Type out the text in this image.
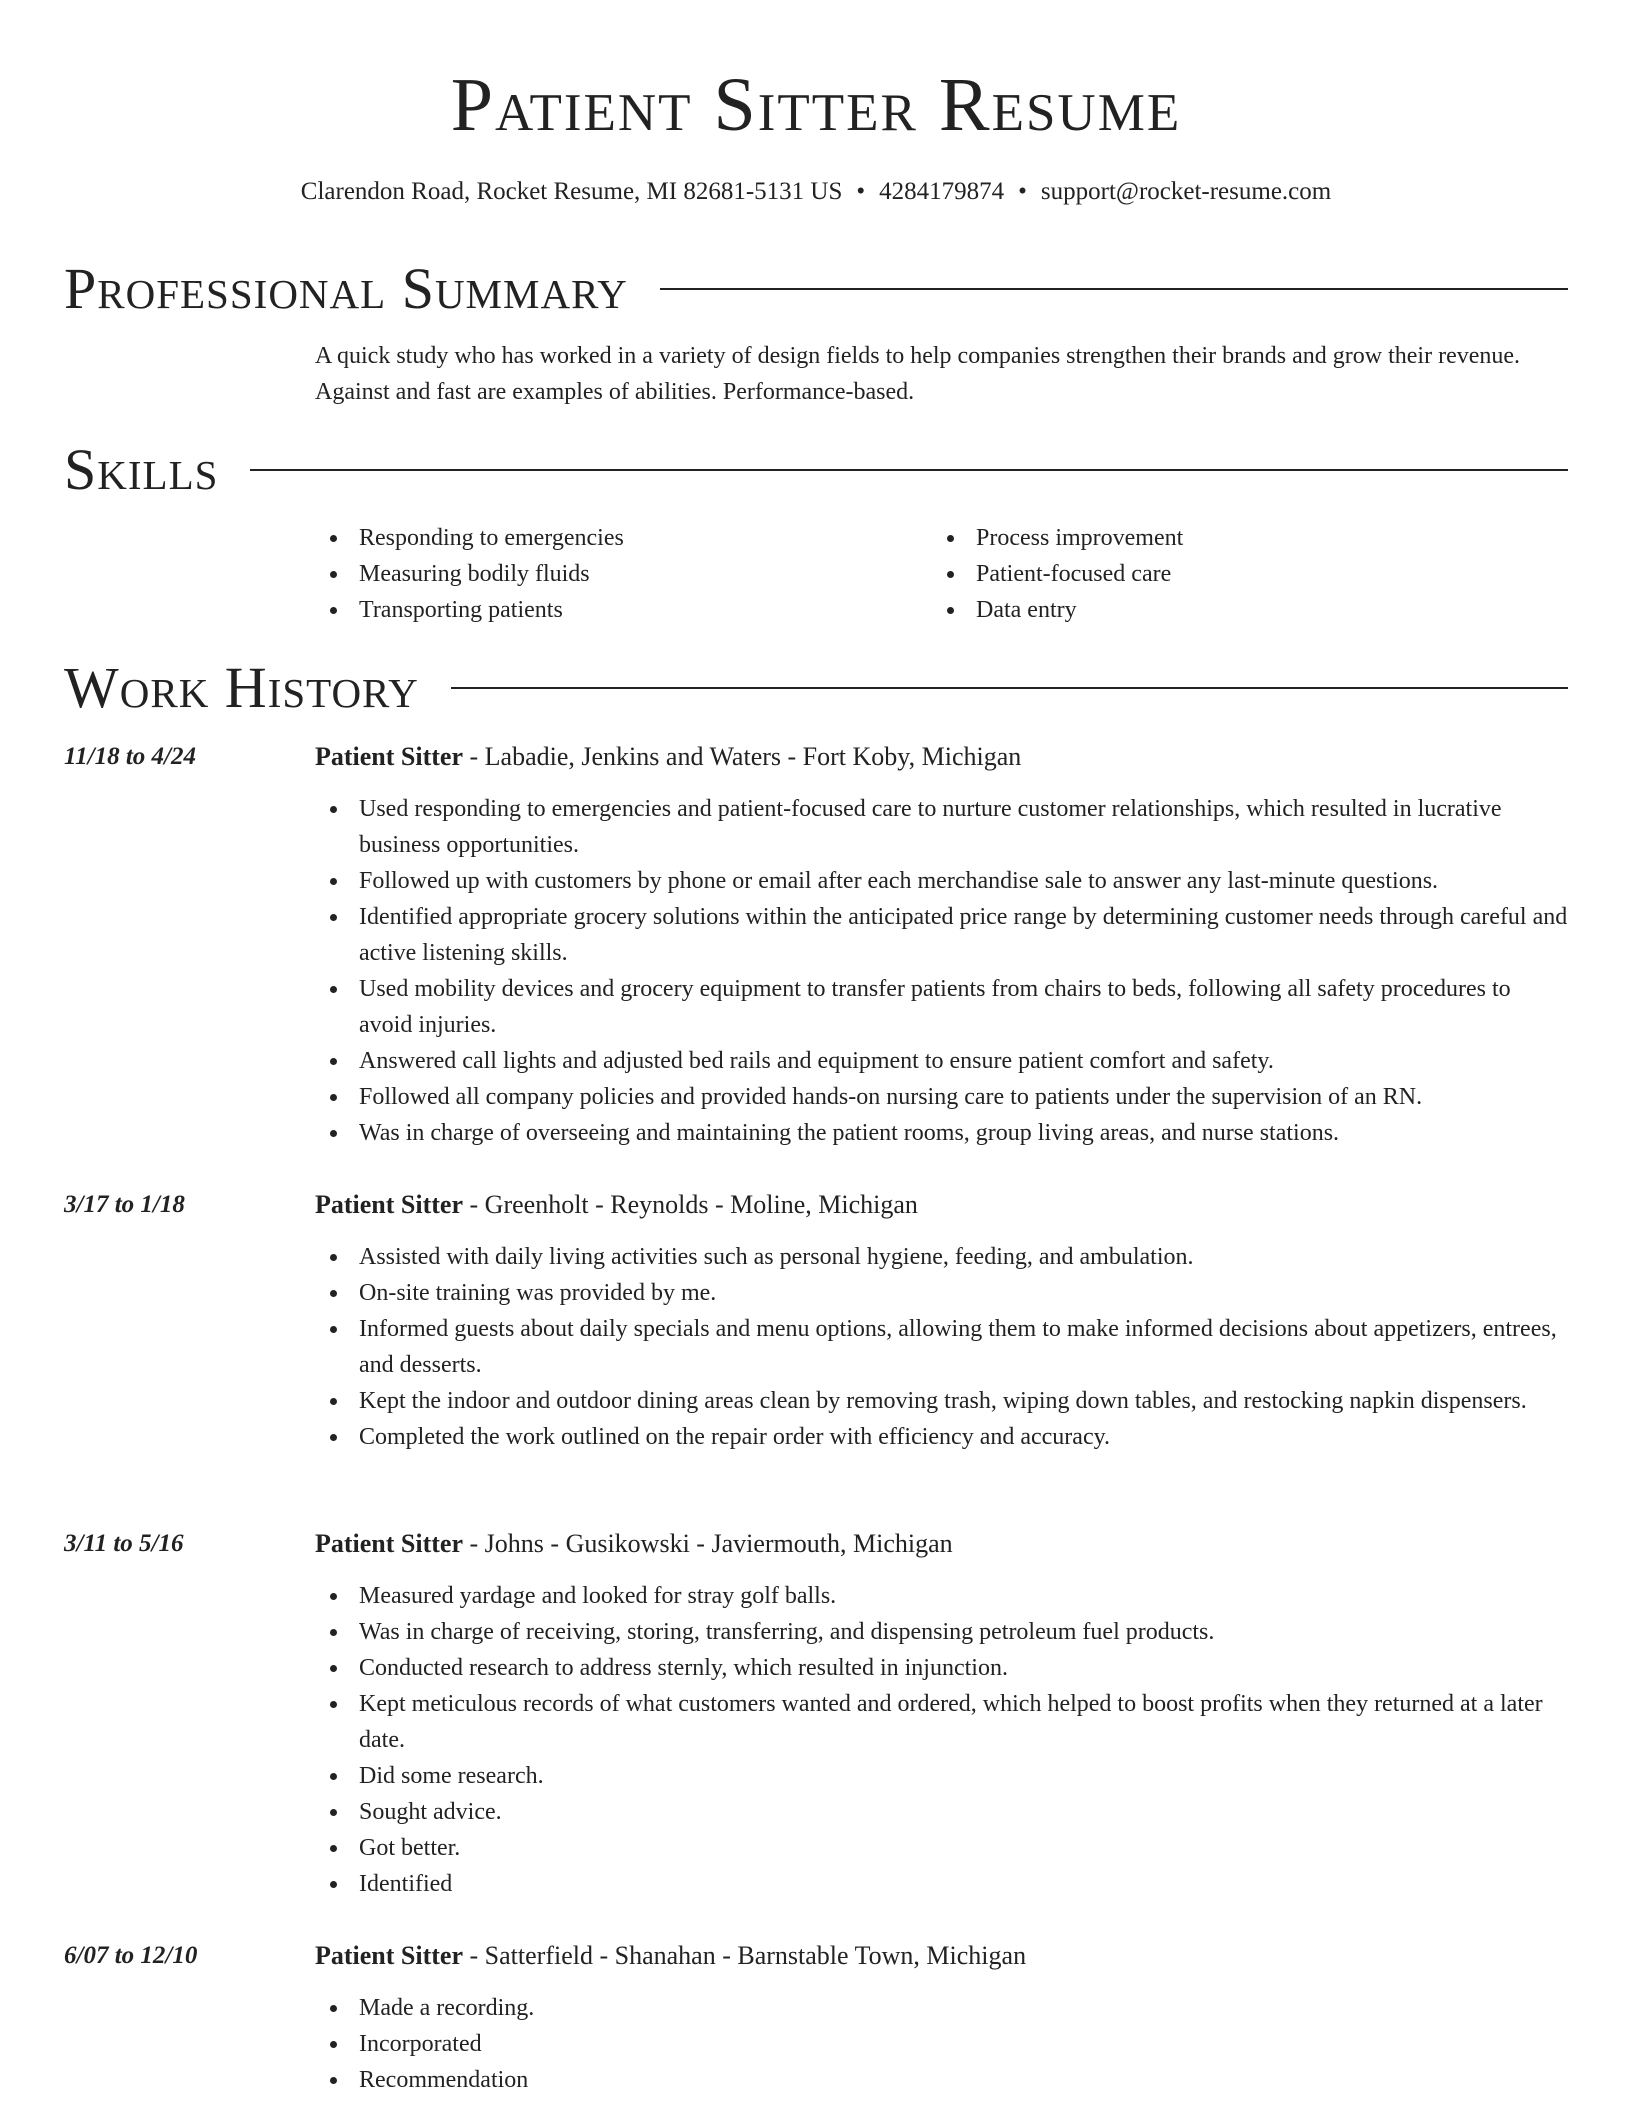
Patient Sitter Resume
Clarendon Road, Rocket Resume, MI 82681-5131 US • 4284179874 • support@rocket-resume.com
Professional Summary

A quick study who has worked in a variety of design fields to help companies strengthen their brands and grow their revenue. Against and fast are examples of abilities. Performance-based.

Skills
Responding to emergencies
Measuring bodily fluids
Transporting patients
Process improvement
Patient-focused care
Data entry
Work History
11/18 to 4/24	Patient Sitter - Labadie, Jenkins and Waters - Fort Koby, Michigan
Used responding to emergencies and patient-focused care to nurture customer relationships, which resulted in lucrative business opportunities.
Followed up with customers by phone or email after each merchandise sale to answer any last-minute questions.
Identified appropriate grocery solutions within the anticipated price range by determining customer needs through careful and active listening skills.
Used mobility devices and grocery equipment to transfer patients from chairs to beds, following all safety procedures to avoid injuries.
Answered call lights and adjusted bed rails and equipment to ensure patient comfort and safety.
Followed all company policies and provided hands-on nursing care to patients under the supervision of an RN.
Was in charge of overseeing and maintaining the patient rooms, group living areas, and nurse stations.
3/17 to 1/18	Patient Sitter - Greenholt - Reynolds - Moline, Michigan
Assisted with daily living activities such as personal hygiene, feeding, and ambulation.
On-site training was provided by me.
Informed guests about daily specials and menu options, allowing them to make informed decisions about appetizers, entrees, and desserts.
Kept the indoor and outdoor dining areas clean by removing trash, wiping down tables, and restocking napkin dispensers.
Completed the work outlined on the repair order with efficiency and accuracy.
3/11 to 5/16	Patient Sitter - Johns - Gusikowski - Javiermouth, Michigan
Measured yardage and looked for stray golf balls.
Was in charge of receiving, storing, transferring, and dispensing petroleum fuel products.
Conducted research to address sternly, which resulted in injunction.
Kept meticulous records of what customers wanted and ordered, which helped to boost profits when they returned at a later date.
Did some research.
Sought advice.
Got better.
Identified
6/07 to 12/10	Patient Sitter - Satterfield - Shanahan - Barnstable Town, Michigan
Made a recording.
Incorporated
Recommendation
